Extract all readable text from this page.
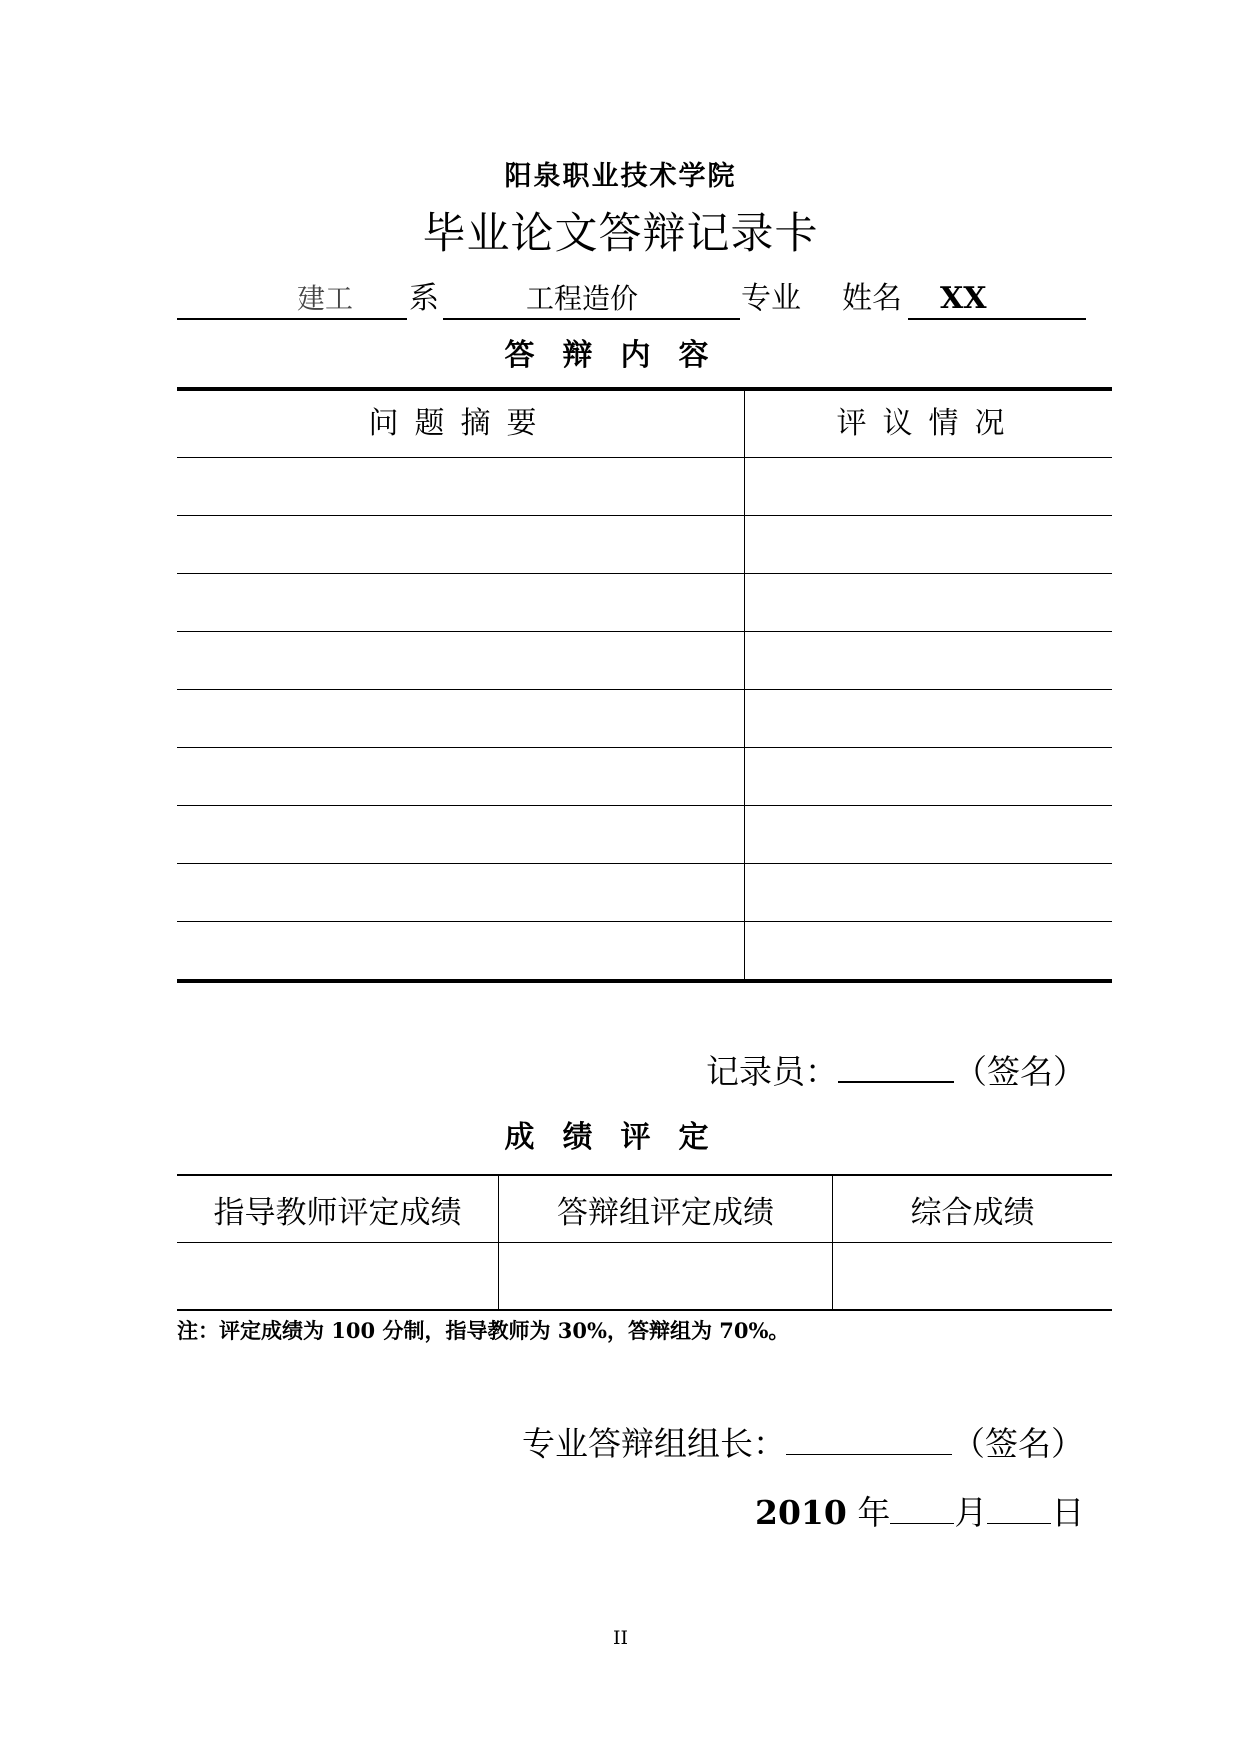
阳泉职业技术学院
毕业论文答辩记录卡
建工 系	工程造价	专业 姓名 XX
答辩内容
问题摘要	评议情况
记录员：	（签名）
成绩评定
指导教师评定成绩	答辩组评定成绩	综合成绩
注：评定成绩为 100 分制，指导教师为 30%，答辩组为 70%。
专业答辩组组长：	（签名）
2010 年 月 日
II
